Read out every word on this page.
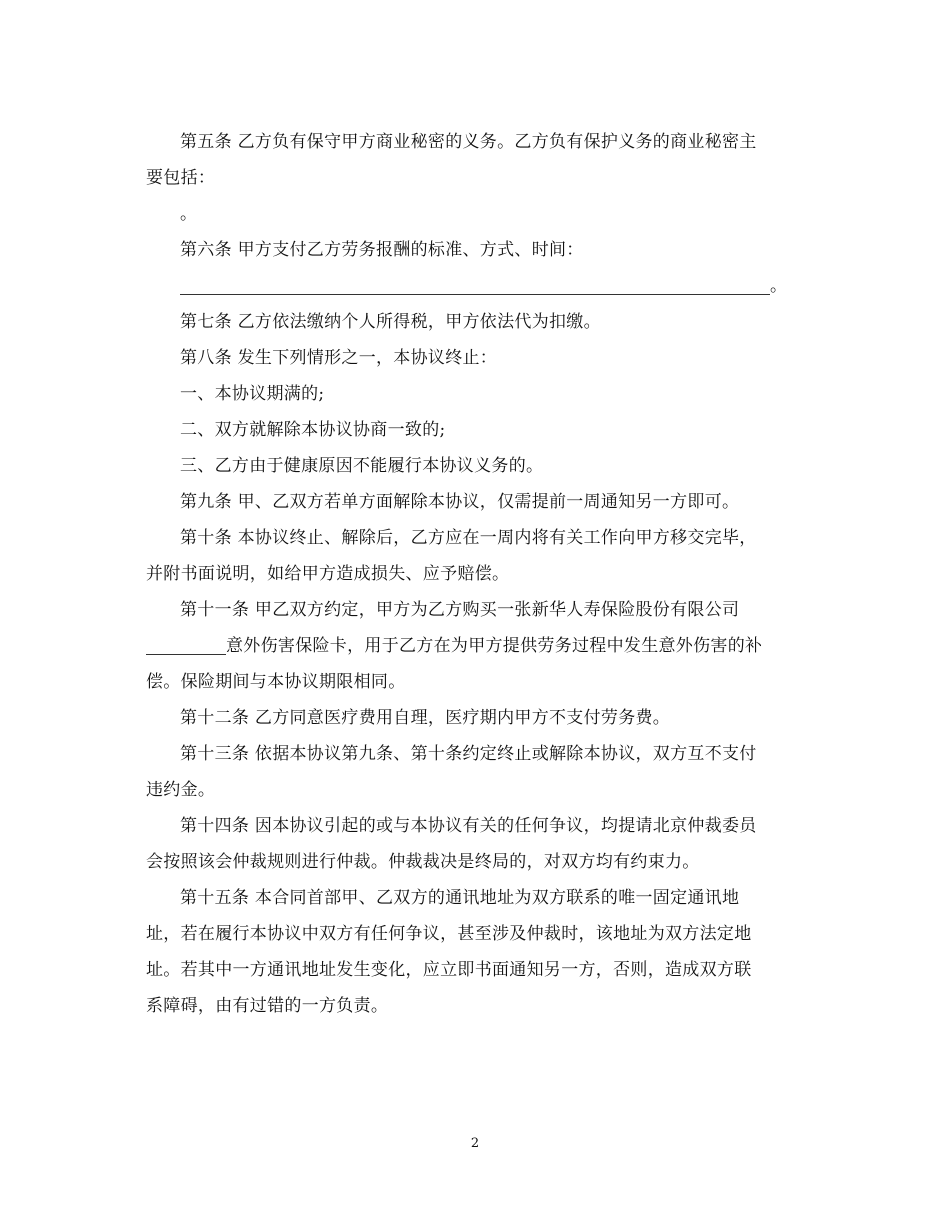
第五条 乙方负有保守甲方商业秘密的义务。乙方负有保护义务的商业秘密主

要包括：

。

第六条 甲方支付乙方劳务报酬的标准、方式、时间：

。

第七条 乙方依法缴纳个人所得税，甲方依法代为扣缴。

第八条 发生下列情形之一，本协议终止：

一、本协议期满的;

二、双方就解除本协议协商一致的;

三、乙方由于健康原因不能履行本协议义务的。

第九条 甲、乙双方若单方面解除本协议，仅需提前一周通知另一方即可。

第十条 本协议终止、解除后，乙方应在一周内将有关工作向甲方移交完毕，

并附书面说明，如给甲方造成损失、应予赔偿。

第十一条 甲乙双方约定，甲方为乙方购买一张新华人寿保险股份有限公司

意外伤害保险卡，用于乙方在为甲方提供劳务过程中发生意外伤害的补

偿。保险期间与本协议期限相同。

第十二条 乙方同意医疗费用自理，医疗期内甲方不支付劳务费。

第十三条 依据本协议第九条、第十条约定终止或解除本协议，双方互不支付

违约金。

第十四条 因本协议引起的或与本协议有关的任何争议，均提请北京仲裁委员

会按照该会仲裁规则进行仲裁。仲裁裁决是终局的，对双方均有约束力。

第十五条 本合同首部甲、乙双方的通讯地址为双方联系的唯一固定通讯地

址，若在履行本协议中双方有任何争议，甚至涉及仲裁时，该地址为双方法定地

址。若其中一方通讯地址发生变化，应立即书面通知另一方，否则，造成双方联

系障碍，由有过错的一方负责。

2
